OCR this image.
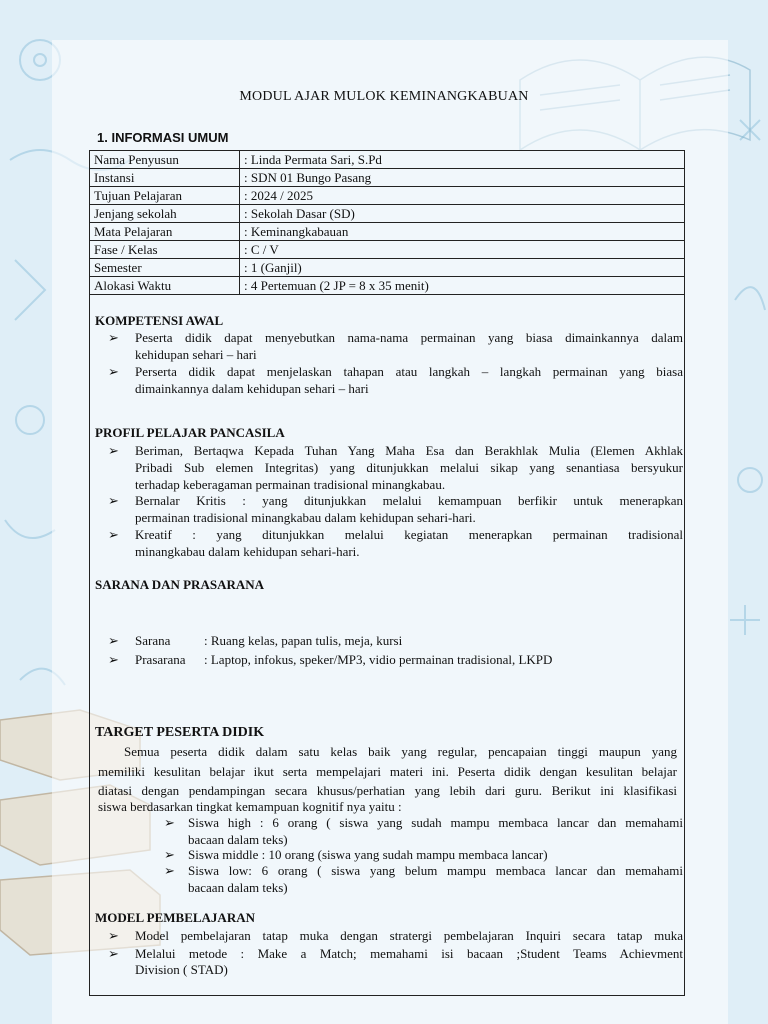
MODUL AJAR MULOK KEMINANGKABUAN
1. INFORMASI UMUM
Nama Penyusun	: Linda Permata Sari, S.Pd
Instansi	: SDN 01 Bungo Pasang
Tujuan Pelajaran	: 2024 / 2025
Jenjang sekolah	: Sekolah Dasar (SD)
Mata Pelajaran	: Keminangkabauan
Fase / Kelas	: C / V
Semester	: 1 (Ganjil)
Alokasi Waktu	: 4 Pertemuan (2 JP = 8 x 35 menit)
KOMPETENSI AWAL
➢ Peserta didik dapat menyebutkan nama-nama permainan yang biasa dimainkannya dalam
kehidupan sehari – hari
➢ Perserta didik dapat menjelaskan tahapan atau langkah – langkah permainan yang biasa
dimainkannya dalam kehidupan sehari – hari
PROFIL PELAJAR PANCASILA
➢ Beriman, Bertaqwa Kepada Tuhan Yang Maha Esa dan Berakhlak Mulia (Elemen Akhlak
Pribadi Sub elemen Integritas) yang ditunjukkan melalui sikap yang senantiasa bersyukur
terhadap keberagaman permainan tradisional minangkabau.
➢ Bernalar Kritis : yang ditunjukkan melalui kemampuan berfikir untuk menerapkan
permainan tradisional minangkabau dalam kehidupan sehari-hari.
➢ Kreatif : yang ditunjukkan melalui kegiatan menerapkan permainan tradisional
minangkabau dalam kehidupan sehari-hari.
SARANA DAN PRASARANA
➢ Sarana	: Ruang kelas, papan tulis, meja, kursi
➢ Prasarana : Laptop, infokus, speker/MP3, vidio permainan tradisional, LKPD
TARGET PESERTA DIDIK
Semua peserta didik dalam satu kelas baik yang regular, pencapaian tinggi maupun yang
memiliki kesulitan belajar ikut serta mempelajari materi ini. Peserta didik dengan kesulitan belajar
diatasi dengan pendampingan secara khusus/perhatian yang lebih dari guru. Berikut ini klasifikasi
siswa berdasarkan tingkat kemampuan kognitif nya yaitu :
➢ Siswa high : 6 orang ( siswa yang sudah mampu membaca lancar dan memahami
bacaan dalam teks)
➢ Siswa middle : 10 orang (siswa yang sudah mampu membaca lancar)
➢ Siswa low: 6 orang ( siswa yang belum mampu membaca lancar dan memahami
bacaan dalam teks)
MODEL PEMBELAJARAN
➢ Model pembelajaran tatap muka dengan stratergi pembelajaran Inquiri secara tatap muka
➢ Melalui metode : Make a Match; memahami isi bacaan ;Student Teams Achievment
Division ( STAD)
